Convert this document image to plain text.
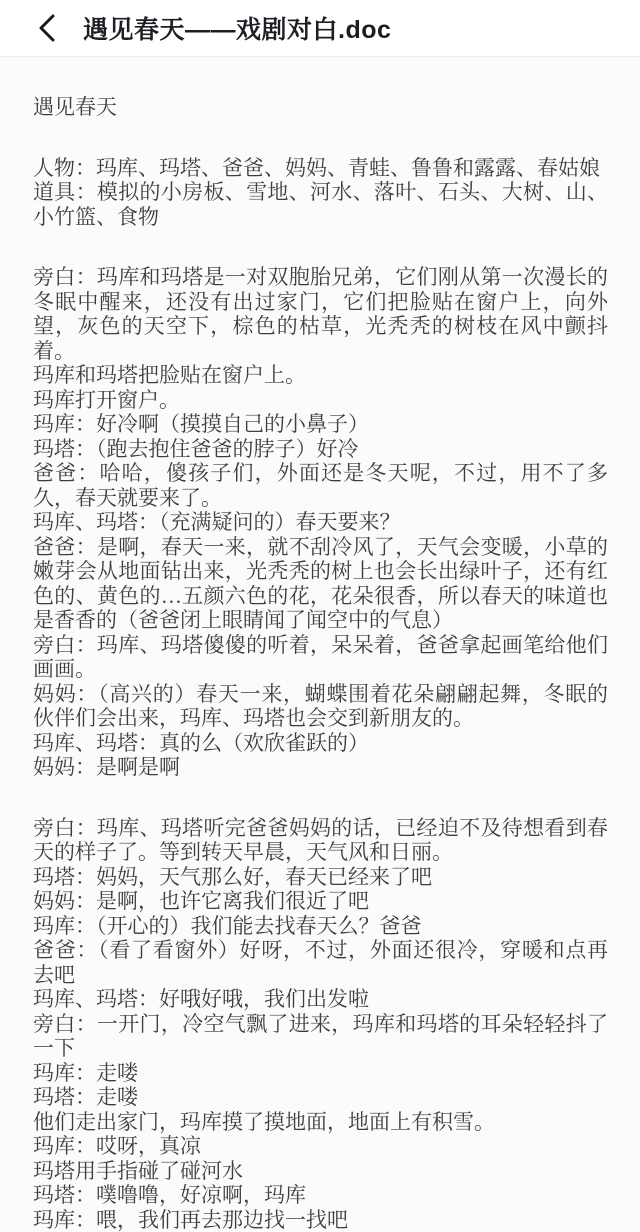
遇见春天——戏剧对白.doc
遇见春天
人物：玛库、玛塔、爸爸、妈妈、青蛙、鲁鲁和露露、春姑娘
道具：模拟的小房板、雪地、河水、落叶、石头、大树、山、小竹篮、食物
旁白：玛库和玛塔是一对双胞胎兄弟，它们刚从第一次漫长的冬眠中醒来，还没有出过家门，它们把脸贴在窗户上，向外望，灰色的天空下，棕色的枯草，光秃秃的树枝在风中颤抖着。
玛库和玛塔把脸贴在窗户上。
玛库打开窗户。
玛库：好冷啊（摸摸自己的小鼻子）
玛塔：（跑去抱住爸爸的脖子）好冷
爸爸：哈哈，傻孩子们，外面还是冬天呢，不过，用不了多久，春天就要来了。
玛库、玛塔：（充满疑问的）春天要来？
爸爸：是啊，春天一来，就不刮冷风了，天气会变暖，小草的嫩芽会从地面钻出来，光秃秃的树上也会长出绿叶子，还有红色的、黄色的…五颜六色的花，花朵很香，所以春天的味道也是香香的（爸爸闭上眼睛闻了闻空中的气息）
旁白：玛库、玛塔傻傻的听着，呆呆着，爸爸拿起画笔给他们画画。
妈妈：（高兴的）春天一来，蝴蝶围着花朵翩翩起舞，冬眠的伙伴们会出来，玛库、玛塔也会交到新朋友的。
玛库、玛塔：真的么（欢欣雀跃的）
妈妈：是啊是啊
旁白：玛库、玛塔听完爸爸妈妈的话，已经迫不及待想看到春天的样子了。等到转天早晨，天气风和日丽。
玛塔：妈妈，天气那么好，春天已经来了吧
妈妈：是啊，也许它离我们很近了吧
玛库：（开心的）我们能去找春天么？爸爸
爸爸：（看了看窗外）好呀，不过，外面还很冷，穿暖和点再去吧
玛库、玛塔：好哦好哦，我们出发啦
旁白：一开门，冷空气飘了进来，玛库和玛塔的耳朵轻轻抖了一下
玛库：走喽
玛塔：走喽
他们走出家门，玛库摸了摸地面，地面上有积雪。
玛库：哎呀，真凉
玛塔用手指碰了碰河水
玛塔：噗噜噜，好凉啊，玛库
玛库：喂，我们再去那边找一找吧
